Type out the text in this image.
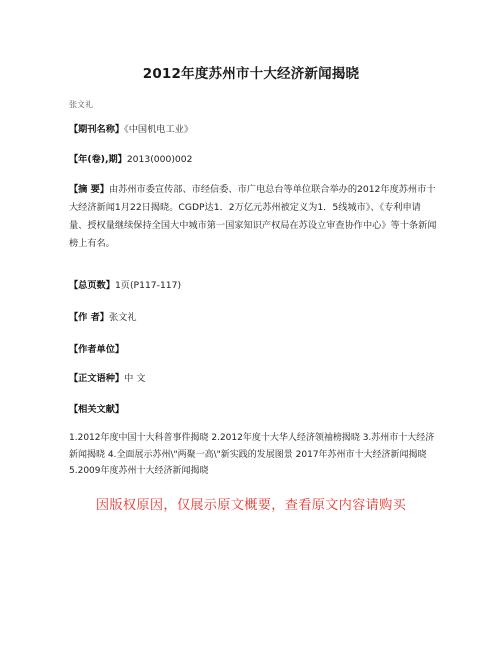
2012年度苏州市十大经济新闻揭晓
张文礼
【期刊名称】《中国机电工业》
【年(卷),期】2013(000)002
【摘 要】由苏州市委宣传部、市经信委、市广电总台等单位联合举办的2012年度苏州市十大经济新闻1月22日揭晓。CGDP达1．2万亿元苏州被定义为1．5线城市》、《专利申请量、授权量继续保持全国大中城市第一国家知识产权局在苏设立审查协作中心》等十条新闻榜上有名。
【总页数】1页(P117-117)
【作 者】张文礼
【作者单位】
【正文语种】中 文
【相关文献】
1.2012年度中国十大科普事件揭晓 2.2012年度十大华人经济领袖榜揭晓 3.苏州市十大经济新闻揭晓 4.全面展示苏州\"两聚一高\"新实践的发展图景 2017年苏州市十大经济新闻揭晓 5.2009年度苏州十大经济新闻揭晓
因版权原因，仅展示原文概要，查看原文内容请购买
